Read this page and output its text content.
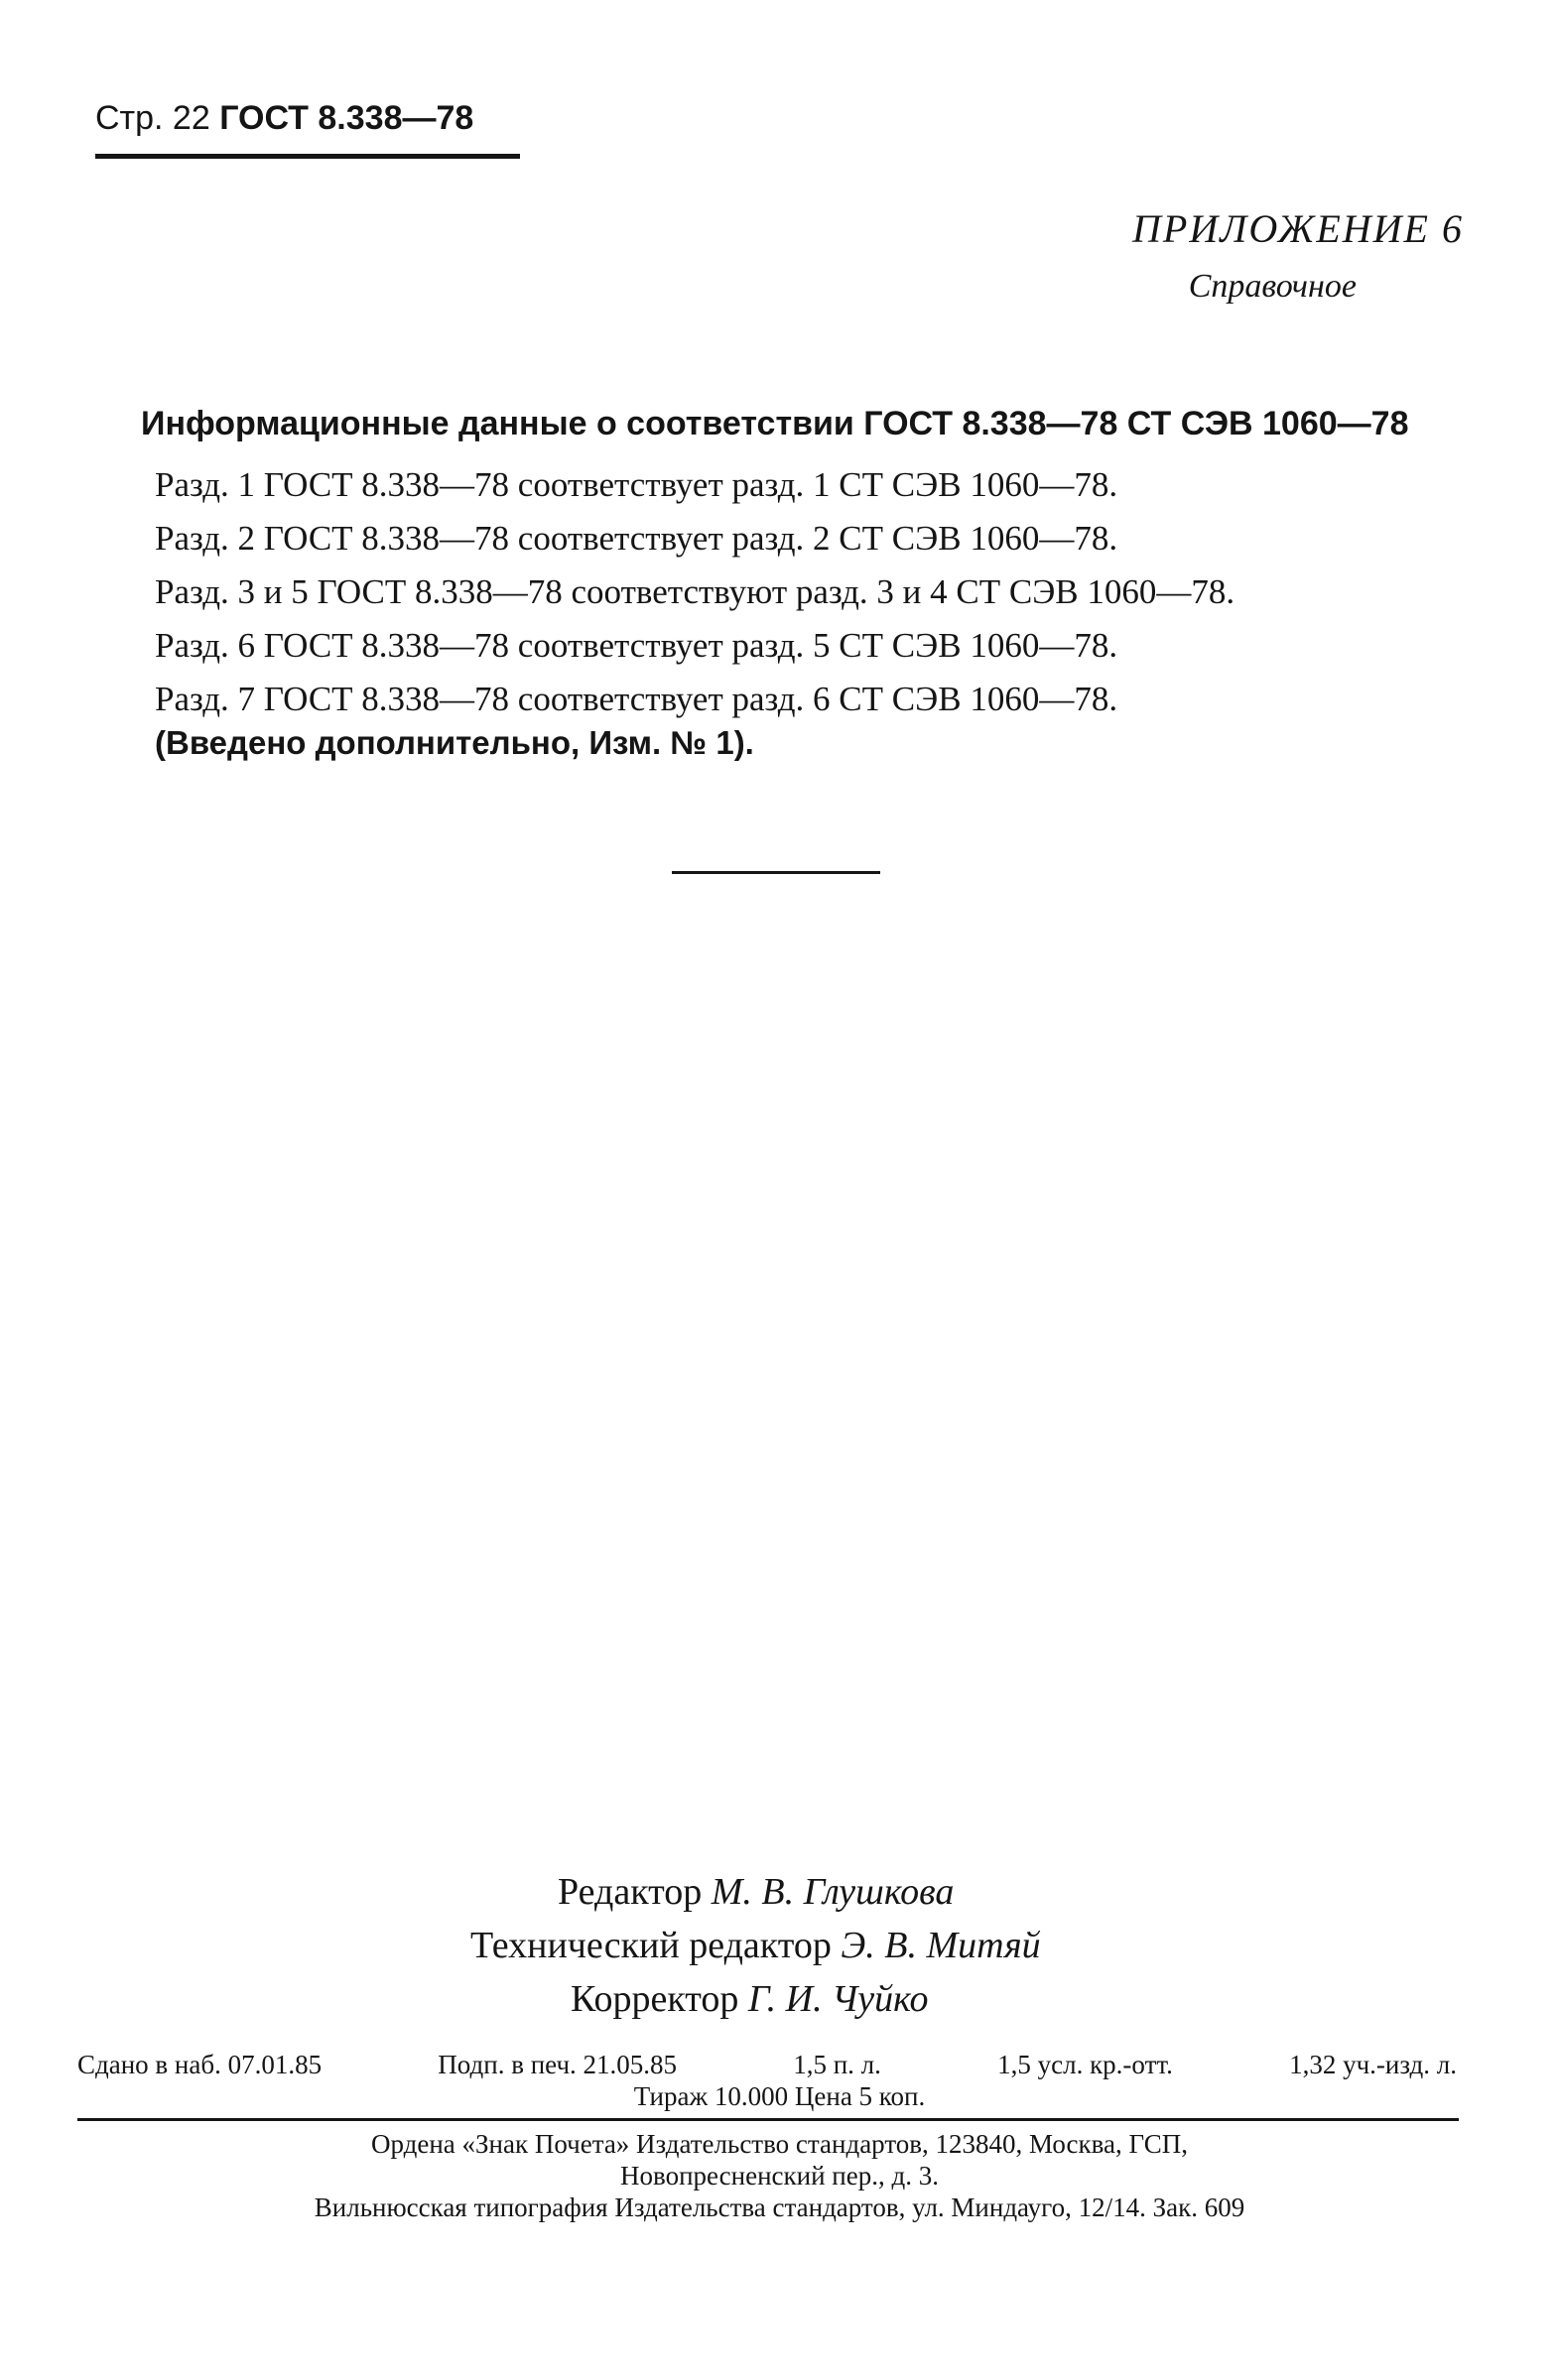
Стр. 22 ГОСТ 8.338—78
ПРИЛОЖЕНИЕ 6
Справочное
Информационные данные о соответствии ГОСТ 8.338—78 СТ СЭВ 1060—78
Разд. 1 ГОСТ 8.338—78 соответствует разд. 1 СТ СЭВ 1060—78.
Разд. 2 ГОСТ 8.338—78 соответствует разд. 2 СТ СЭВ 1060—78.
Разд. 3 и 5 ГОСТ 8.338—78 соответствуют разд. 3 и 4 СТ СЭВ 1060—78.
Разд. 6 ГОСТ 8.338—78 соответствует разд. 5 СТ СЭВ 1060—78.
Разд. 7 ГОСТ 8.338—78 соответствует разд. 6 СТ СЭВ 1060—78.
(Введено дополнительно, Изм. № 1).
Редактор М. В. Глушкова
Технический редактор Э. В. Митяй
Корректор Г. И. Чуйко
Сдано в наб. 07.01.85	Подп. в печ. 21.05.85	1,5 п. л.	1,5 усл. кр.-отт.	1,32 уч.-изд. л.
Тираж 10.000 Цена 5 коп.
Ордена «Знак Почета» Издательство стандартов, 123840, Москва, ГСП,
Новопресненский пер., д. 3.
Вильнюсская типография Издательства стандартов, ул. Миндауго, 12/14. Зак. 609
